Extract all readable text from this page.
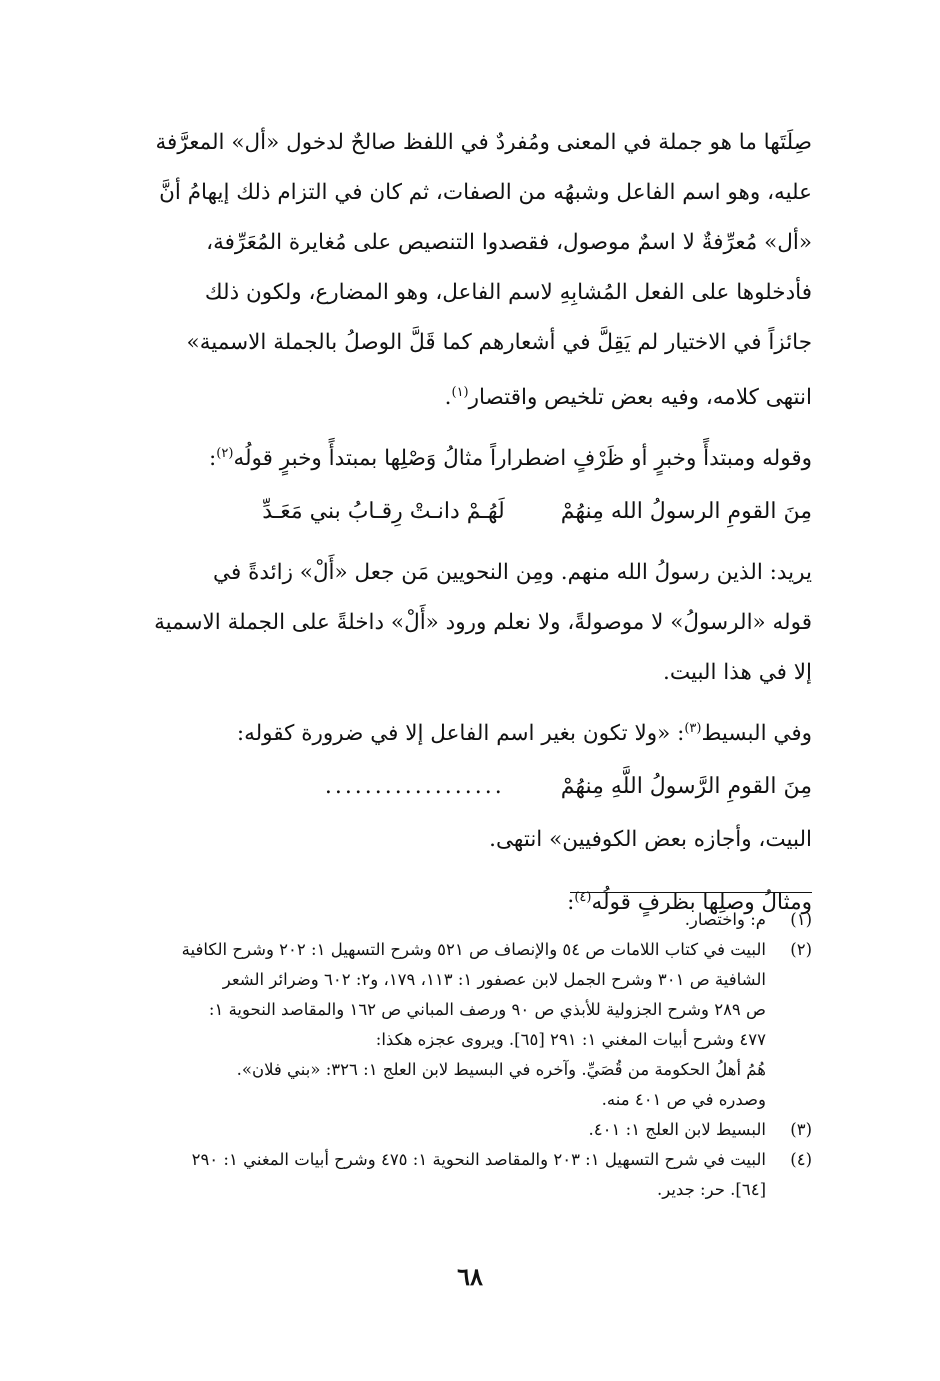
صِلَتَها ما هو جملة في المعنى ومُفردٌ في اللفظ صالحٌ لدخول «أل» المعرَّفة
عليه، وهو اسم الفاعل وشبهُه من الصفات، ثم كان في التزام ذلك إيهامُ أنَّ
«أل» مُعرِّفةٌ لا اسمٌ موصول، فقصدوا التنصيص على مُغايرة المُعَرِّفة،
فأدخلوها على الفعل المُشابِهِ لاسم الفاعل، وهو المضارع، ولكون ذلك
جائزاً في الاختيار لم يَقِلَّ في أشعارهم كما قَلَّ الوصلُ بالجملة الاسمية»
انتهى كلامه، وفيه بعض تلخيص واقتصار$^{(١)}$.

وقوله ومبتدأً وخبرٍ أو ظَرْفٍ اضطراراً مثالُ وَصْلِها بمبتدأً وخبرٍ قولُه$^{(٢)}$:

مِنَ القومِ الرسولُ الله مِنهُمْ
لَهُـمْ دانـتْ رِقـابُ بني مَعَـدِّ

يريد: الذين رسولُ الله منهم. ومِن النحويين مَن جعل «أَلْ» زائدةً في
قوله «الرسولُ» لا موصولةً، ولا نعلم ورود «أَلْ» داخلةً على الجملة الاسمية
إلا في هذا البيت.

وفي البسيط$^{(٣)}$: «ولا تكون بغير اسم الفاعل إلا في ضرورة كقوله:

مِنَ القومِ الرَّسولُ اللَّهِ مِنهُمْ
..................

البيت، وأجازه بعض الكوفيين» انتهى.

ومثالُ وصلِها بظرفٍ قولُه$^{(٤)}$:

(١)
م: واختصار.
(٢)
البيت في كتاب اللامات ص ٥٤ والإنصاف ص ٥٢١ وشرح التسهيل ١: ٢٠٢ وشرح الكافية
الشافية ص ٣٠١ وشرح الجمل لابن عصفور ١: ١١٣، ١٧٩، و٢: ٦٠٢ وضرائر الشعر
ص ٢٨٩ وشرح الجزولية للأبذي ص ٩٠ ورصف المباني ص ١٦٢ والمقاصد النحوية ١:
٤٧٧ وشرح أبيات المغني ١: ٢٩١ [٦٥]. ويروى عجزه هكذا:
هُمُ أهلُ الحكومة من قُصَيِّ. وآخره في البسيط لابن العلج ١: ٣٢٦: «بني فلان».
وصدره في ص ٤٠١ منه.
(٣)
البسيط لابن العلج ١: ٤٠١.
(٤)
البيت في شرح التسهيل ١: ٢٠٣ والمقاصد النحوية ١: ٤٧٥ وشرح أبيات المغني ١: ٢٩٠
[٦٤]. حر: جدير.
٦٨
